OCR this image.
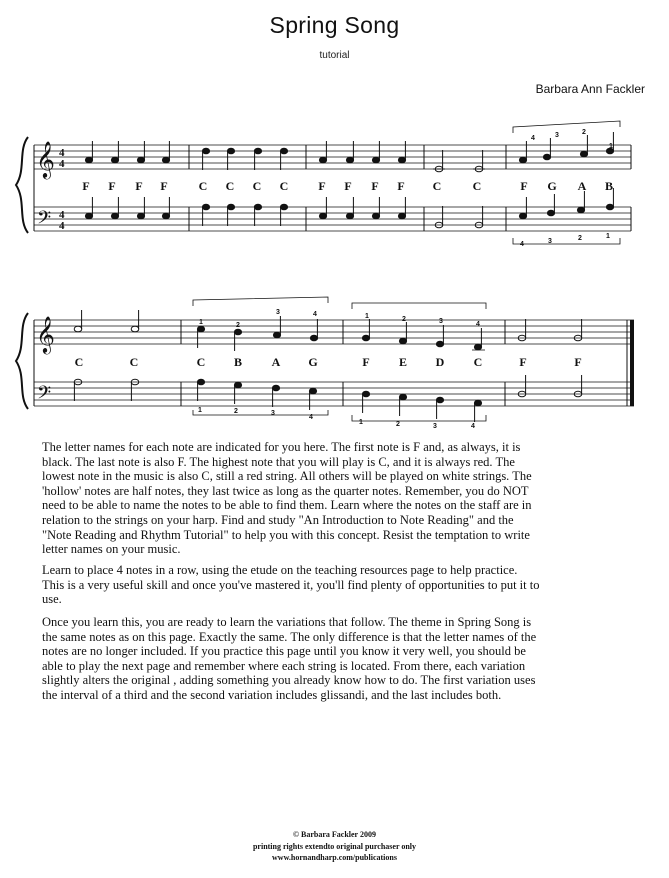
Spring Song
tutorial
Barbara Ann Fackler
𝄞
𝄢
4
4
4
4
4	3	2
1
4	3	2	1
F F F F	C C C C F F F F C	C	F G A B
𝄞
𝄢
1	2
3	4
1	2	3
4
1	2	3	4
1	2	3	4
C	C	C B A G	F E D C	F	F

The letter names for each note are indicated for you here. The first note is F and, as always, it is black. The last note is also F. The highest note that you will play is C, and it is always red. The lowest note in the music is also C, still a red string. All others will be played on white strings. The 'hollow' notes are half notes, they last twice as long as the quarter notes. Remember, you do NOT need to be able to name the notes to be able to find them. Learn where the notes on the staff are in relation to the strings on your harp. Find and study "An Introduction to Note Reading" and the "Note Reading and Rhythm Tutorial" to help you with this concept. Resist the temptation to write letter names on your music.

Learn to place 4 notes in a row, using the etude on the teaching resources page to help practice. This is a very useful skill and once you've mastered it, you'll find plenty of opportunities to put it to use.

Once you learn this, you are ready to learn the variations that follow. The theme in Spring Song is the same notes as on this page. Exactly the same. The only difference is that the letter names of the notes are no longer included. If you practice this page until you know it very well, you should be able to play the next page and remember where each string is located. From there, each variation slightly alters the original , adding something you already know how to do. The first variation uses the interval of a third and the second variation includes glissandi, and the last includes both.

© Barbara Fackler 2009
printing rights extendto original purchaser only
www.hornandharp.com/publications
